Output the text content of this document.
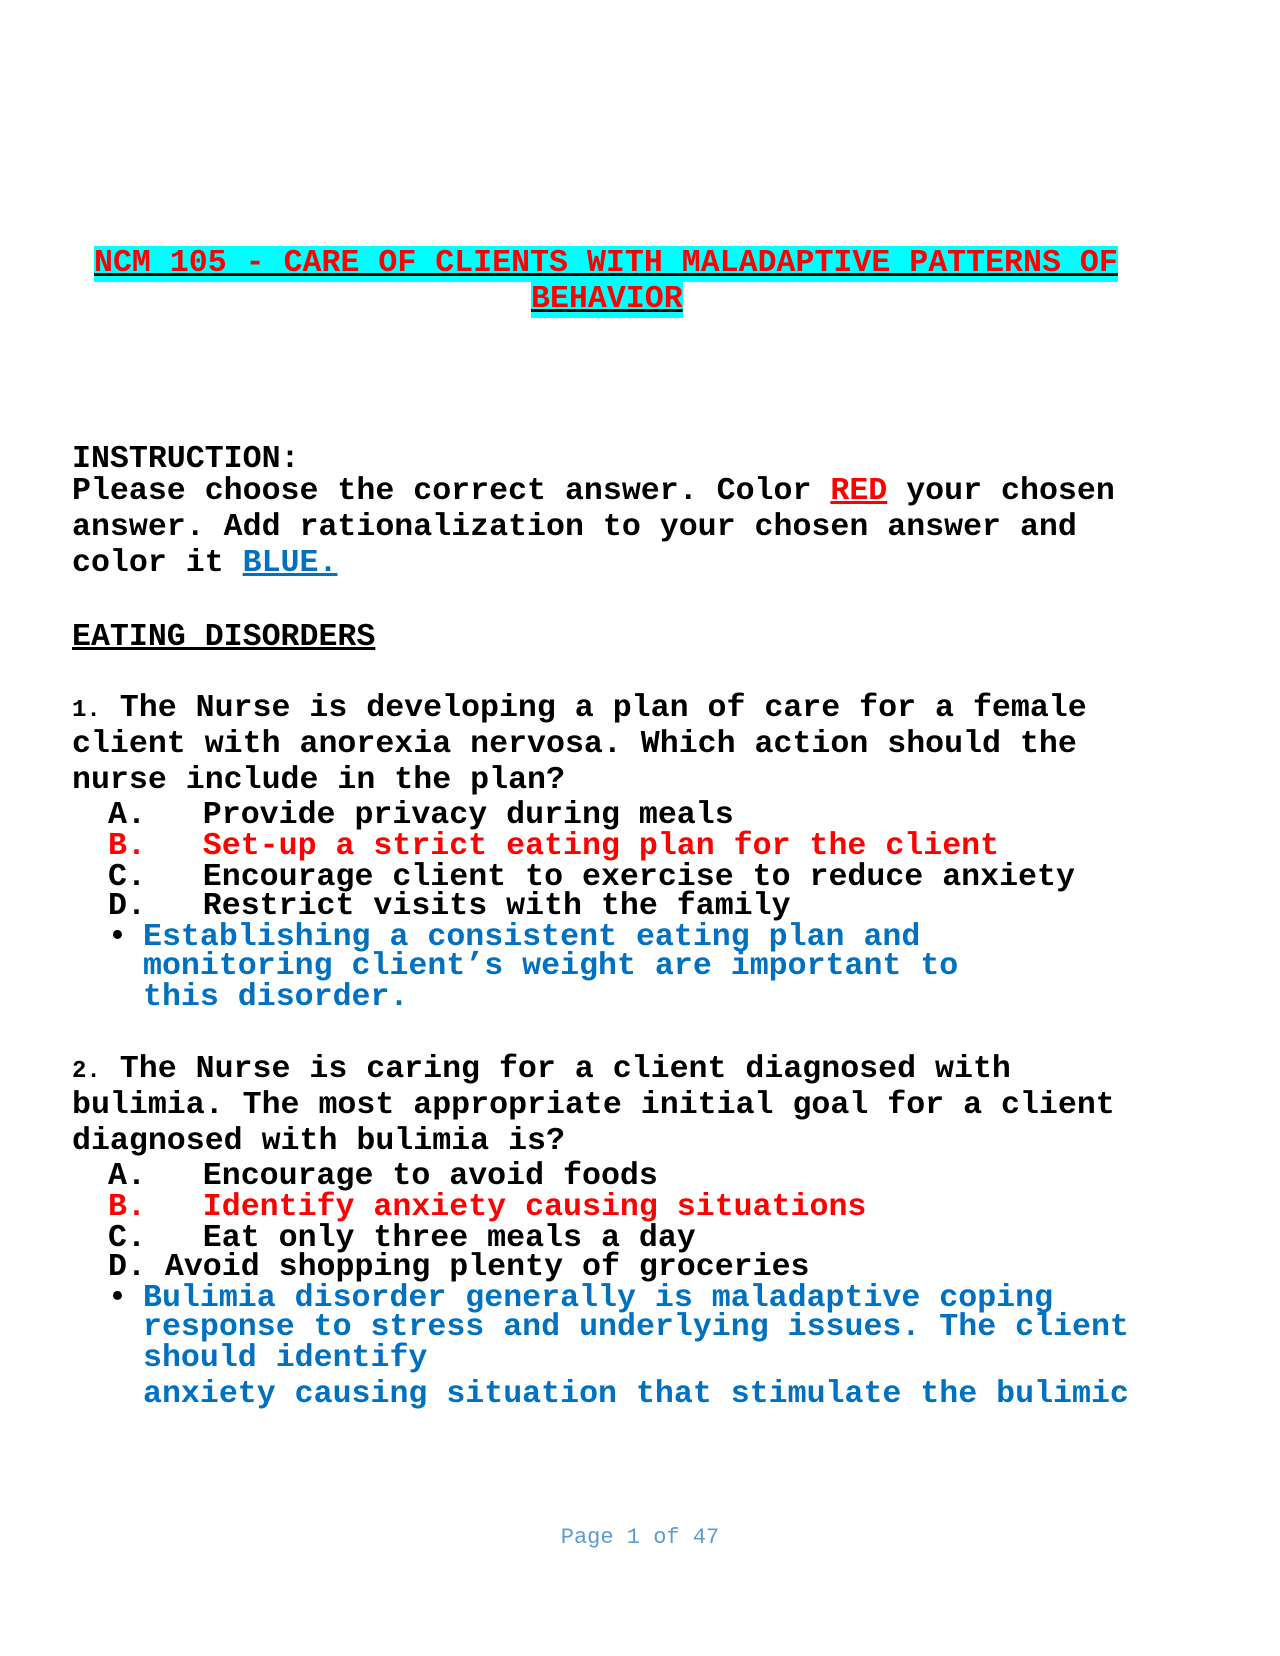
NCM 105 - CARE OF CLIENTS WITH MALADAPTIVE PATTERNS OF
BEHAVIOR
INSTRUCTION:
Please choose the correct answer. Color RED your chosen
answer. Add rationalization to your chosen answer and
color it BLUE.
EATING DISORDERS
1. The Nurse is developing a plan of care for a female
client with anorexia nervosa. Which action should the
nurse include in the plan?
A.   Provide privacy during meals
B.   Set-up a strict eating plan for the client
C.   Encourage client to exercise to reduce anxiety
D.   Restrict visits with the family
• Establishing a consistent eating plan and
monitoring client’s weight are important to
this disorder.
2. The Nurse is caring for a client diagnosed with
bulimia. The most appropriate initial goal for a client
diagnosed with bulimia is?
A.   Encourage to avoid foods
B.   Identify anxiety causing situations
C.   Eat only three meals a day
D. Avoid shopping plenty of groceries
• Bulimia disorder generally is maladaptive coping
response to stress and underlying issues. The client
should identify
anxiety causing situation that stimulate the bulimic
Page 1 of 47
